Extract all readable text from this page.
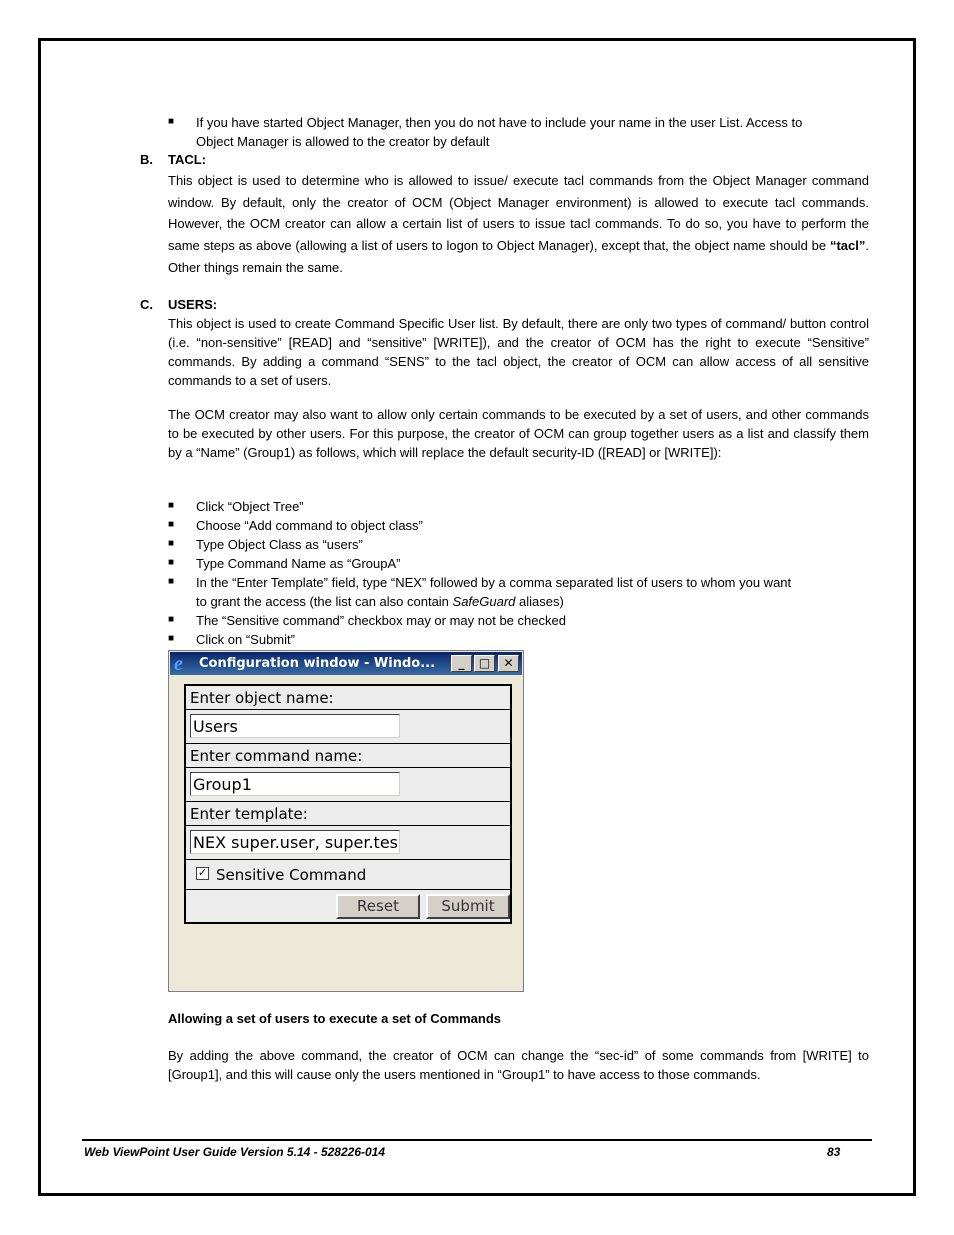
■ If you have started Object Manager, then you do not have to include your name in the user List. Access to
Object Manager is allowed to the creator by default

B. TACL:

This object is used to determine who is allowed to issue/ execute tacl commands from the Object Manager command window. By default, only the creator of OCM (Object Manager environment) is allowed to execute tacl commands. However, the OCM creator can allow a certain list of users to issue tacl commands. To do so, you have to perform the same steps as above (allowing a list of users to logon to Object Manager), except that, the object name should be “tacl”. Other things remain the same.

C. USERS:

This object is used to create Command Specific User list. By default, there are only two types of command/ button control (i.e. “non-sensitive” [READ] and “sensitive” [WRITE]), and the creator of OCM has the right to execute “Sensitive” commands. By adding a command “SENS” to the tacl object, the creator of OCM can allow access of all sensitive commands to a set of users.

The OCM creator may also want to allow only certain commands to be executed by a set of users, and other commands to be executed by other users. For this purpose, the creator of OCM can group together users as a list and classify them by a “Name” (Group1) as follows, which will replace the default security-ID ([READ] or [WRITE]):

■ Click “Object Tree”
■ Choose “Add command to object class”
■ Type Object Class as “users”
■ Type Command Name as “GroupA”
■ In the “Enter Template” field, type “NEX” followed by a comma separated list of users to whom you want
to grant the access (the list can also contain SafeGuard aliases)
■ The “Sensitive command” checkbox may or may not be checked
■ Click on “Submit”
e	Configuration window - Windo...	_	□	✕
Enter object name:
Users
Enter command name:
Group1
Enter template:
NEX super.user, super.tes
✓ Sensitive Command
Reset	Submit

Allowing a set of users to execute a set of Commands

By adding the above command, the creator of OCM can change the “sec-id” of some commands from [WRITE] to [Group1], and this will cause only the users mentioned in “Group1” to have access to those commands.

Web ViewPoint User Guide Version 5.14 - 528226-014	83
